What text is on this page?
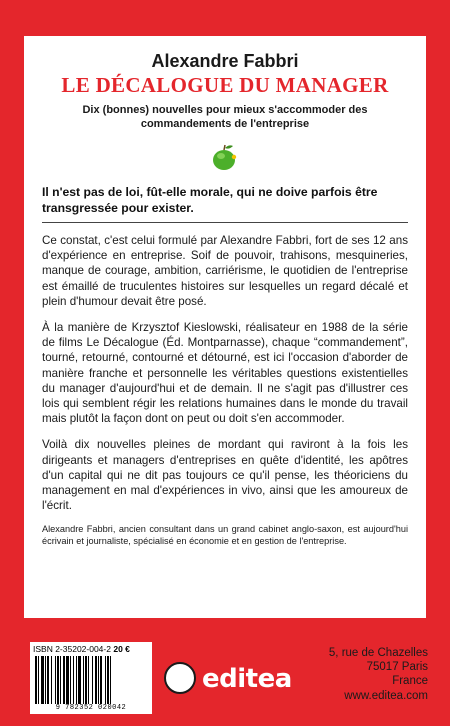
Alexandre Fabbri

LE DÉCALOGUE DU MANAGER

Dix (bonnes) nouvelles pour mieux s'accommoder des commandements de l'entreprise

Il n'est pas de loi, fût-elle morale, qui ne doive parfois être transgressée pour exister.

Ce constat, c'est celui formulé par Alexandre Fabbri, fort de ses 12 ans d'expérience en entreprise. Soif de pouvoir, trahisons, mesquineries, manque de courage, ambition, carriérisme, le quotidien de l'entreprise est émaillé de truculentes histoires sur lesquelles un regard décalé et plein d'humour devait être posé.

À la manière de Krzysztof Kieslowski, réalisateur en 1988 de la série de films Le Décalogue (Éd. Montparnasse), chaque “commandement”, tourné, retourné, contourné et détourné, est ici l'occasion d'aborder de manière franche et personnelle les véritables questions existentielles du manager d'aujourd'hui et de demain. Il ne s'agit pas d'illustrer ces lois qui semblent régir les relations humaines dans le monde du travail mais plutôt la façon dont on peut ou doit s'en accommoder.

Voilà dix nouvelles pleines de mordant qui raviront à la fois les dirigeants et managers d'entreprises en quête d'identité, les apôtres d'un capital qui ne dit pas toujours ce qu'il pense, les théoriciens du management en mal d'expériences in vivo, ainsi que les amoureux de l'écrit.

Alexandre Fabbri, ancien consultant dans un grand cabinet anglo-saxon, est aujourd'hui écrivain et journaliste, spécialisé en économie et en gestion de l'entreprise.

ISBN 2-35202-004-2 20 €
9 782352 020042
editea
5, rue de Chazelles
75017 Paris
France
www.editea.com
